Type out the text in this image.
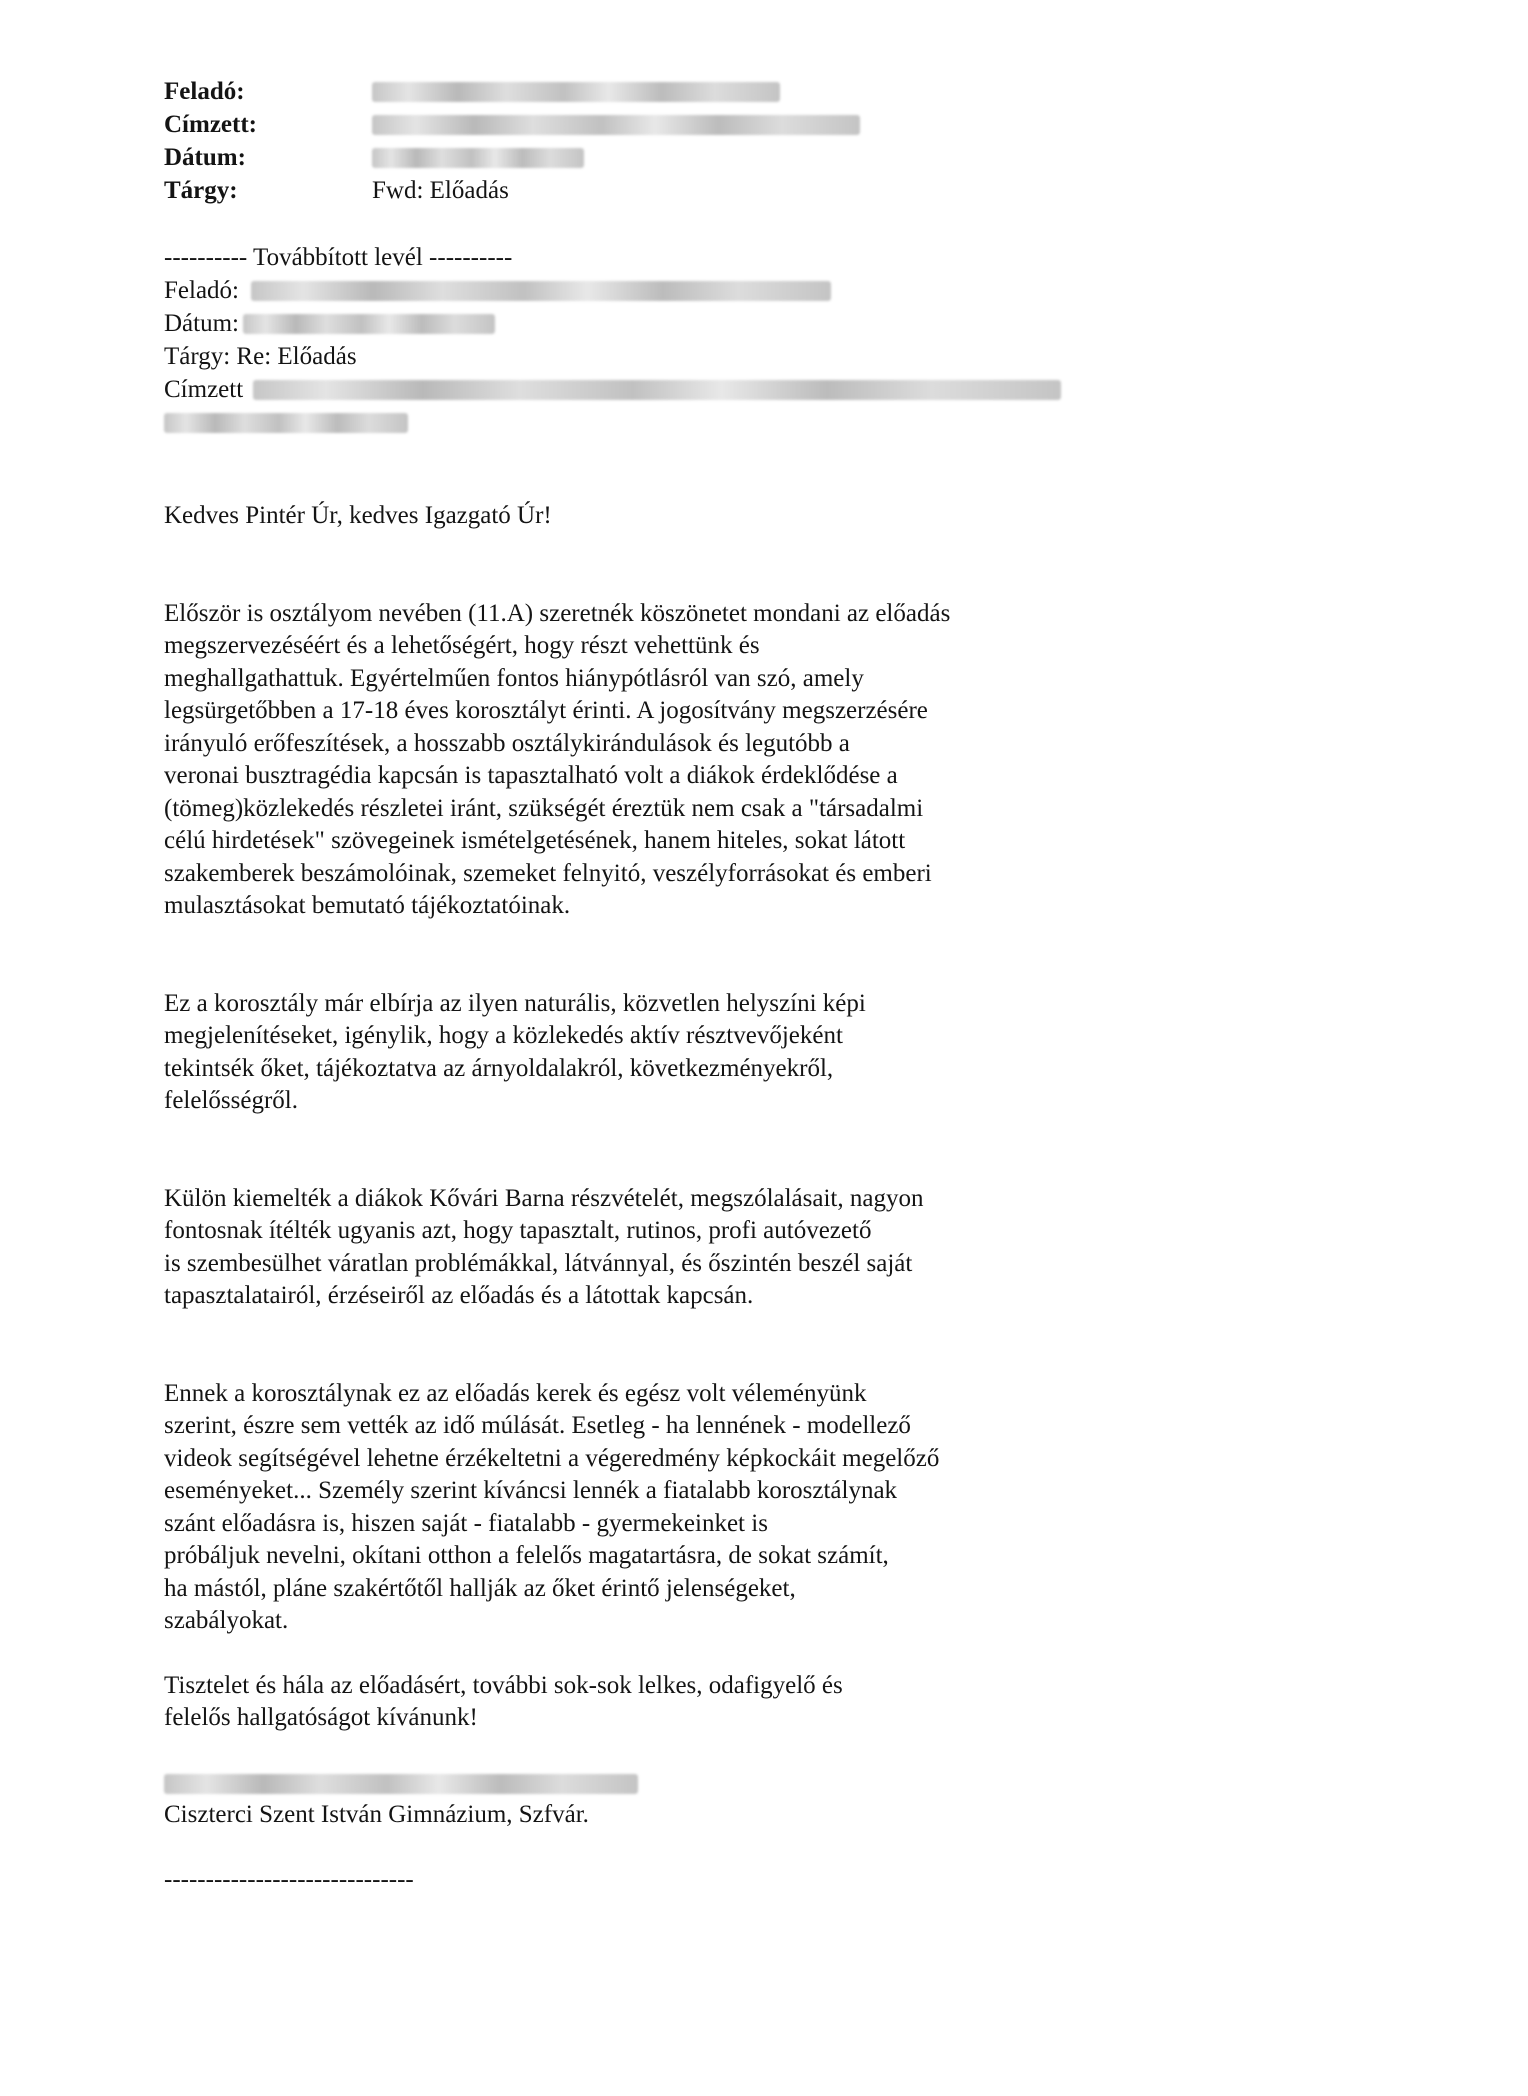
Feladó:
Címzett:
Dátum:
Tárgy:	Fwd: Előadás
---------- Továbbított levél ----------
Feladó:
Dátum:
Tárgy: Re: Előadás
Címzett
Kedves Pintér Úr, kedves Igazgató Úr!
Először is osztályom nevében (11.A) szeretnék köszönetet mondani az előadás
megszervezéséért és a lehetőségért, hogy részt vehettünk és
meghallgathattuk. Egyértelműen fontos hiánypótlásról van szó, amely
legsürgetőbben a 17-18 éves korosztályt érinti. A jogosítvány megszerzésére
irányuló erőfeszítések, a hosszabb osztálykirándulások és legutóbb a
veronai busztragédia kapcsán is tapasztalható volt a diákok érdeklődése a
(tömeg)közlekedés részletei iránt, szükségét éreztük nem csak a "társadalmi
célú hirdetések" szövegeinek ismételgetésének, hanem hiteles, sokat látott
szakemberek beszámolóinak, szemeket felnyitó, veszélyforrásokat és emberi
mulasztásokat bemutató tájékoztatóinak.
Ez a korosztály már elbírja az ilyen naturális, közvetlen helyszíni képi
megjelenítéseket, igénylik, hogy a közlekedés aktív résztvevőjeként
tekintsék őket, tájékoztatva az árnyoldalakról, következményekről,
felelősségről.
Külön kiemelték a diákok Kővári Barna részvételét, megszólalásait, nagyon
fontosnak ítélték ugyanis azt, hogy tapasztalt, rutinos, profi autóvezető
is szembesülhet váratlan problémákkal, látvánnyal, és őszintén beszél saját
tapasztalatairól, érzéseiről az előadás és a látottak kapcsán.
Ennek a korosztálynak ez az előadás kerek és egész volt véleményünk
szerint, észre sem vették az idő múlását. Esetleg - ha lennének - modellező
videok segítségével lehetne érzékeltetni a végeredmény képkockáit megelőző
eseményeket... Személy szerint kíváncsi lennék a fiatalabb korosztálynak
szánt előadásra is, hiszen saját - fiatalabb - gyermekeinket is
próbáljuk nevelni, okítani otthon a felelős magatartásra, de sokat számít,
ha mástól, pláne szakértőtől hallják az őket érintő jelenségeket,
szabályokat.
Tisztelet és hála az előadásért, további sok-sok lelkes, odafigyelő és
felelős hallgatóságot kívánunk!
Ciszterci Szent István Gimnázium, Szfvár.
------------------------------
